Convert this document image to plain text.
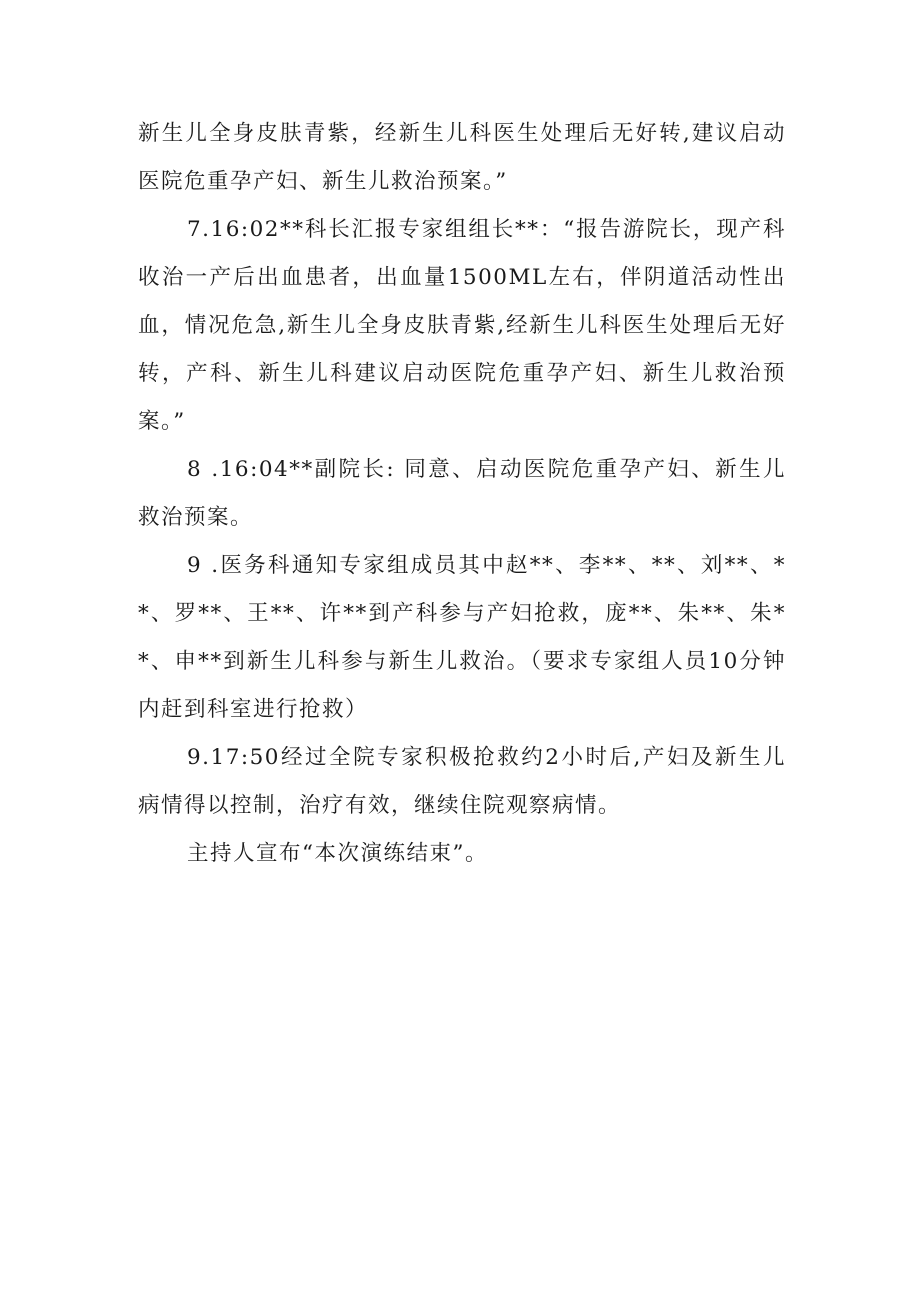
新生儿全身皮肤青紫，经新生儿科医生处理后无好转,建议启动医院危重孕产妇、新生儿救治预案。”

7.16:02**科长汇报专家组组长**：“报告游院长，现产科收治一产后出血患者，出血量1500ML左右，伴阴道活动性出血，情况危急,新生儿全身皮肤青紫,经新生儿科医生处理后无好转，产科、新生儿科建议启动医院危重孕产妇、新生儿救治预案。”

8 .16:04**副院长: 同意、启动医院危重孕产妇、新生儿救治预案。

9 .医务科通知专家组成员其中赵**、李**、**、刘**、**、罗**、王**、许**到产科参与产妇抢救，庞**、朱**、朱**、申**到新生儿科参与新生儿救治。（要求专家组人员10分钟内赶到科室进行抢救）

9.17:50经过全院专家积极抢救约2小时后,产妇及新生儿病情得以控制，治疗有效，继续住院观察病情。

主持人宣布“本次演练结束”。
